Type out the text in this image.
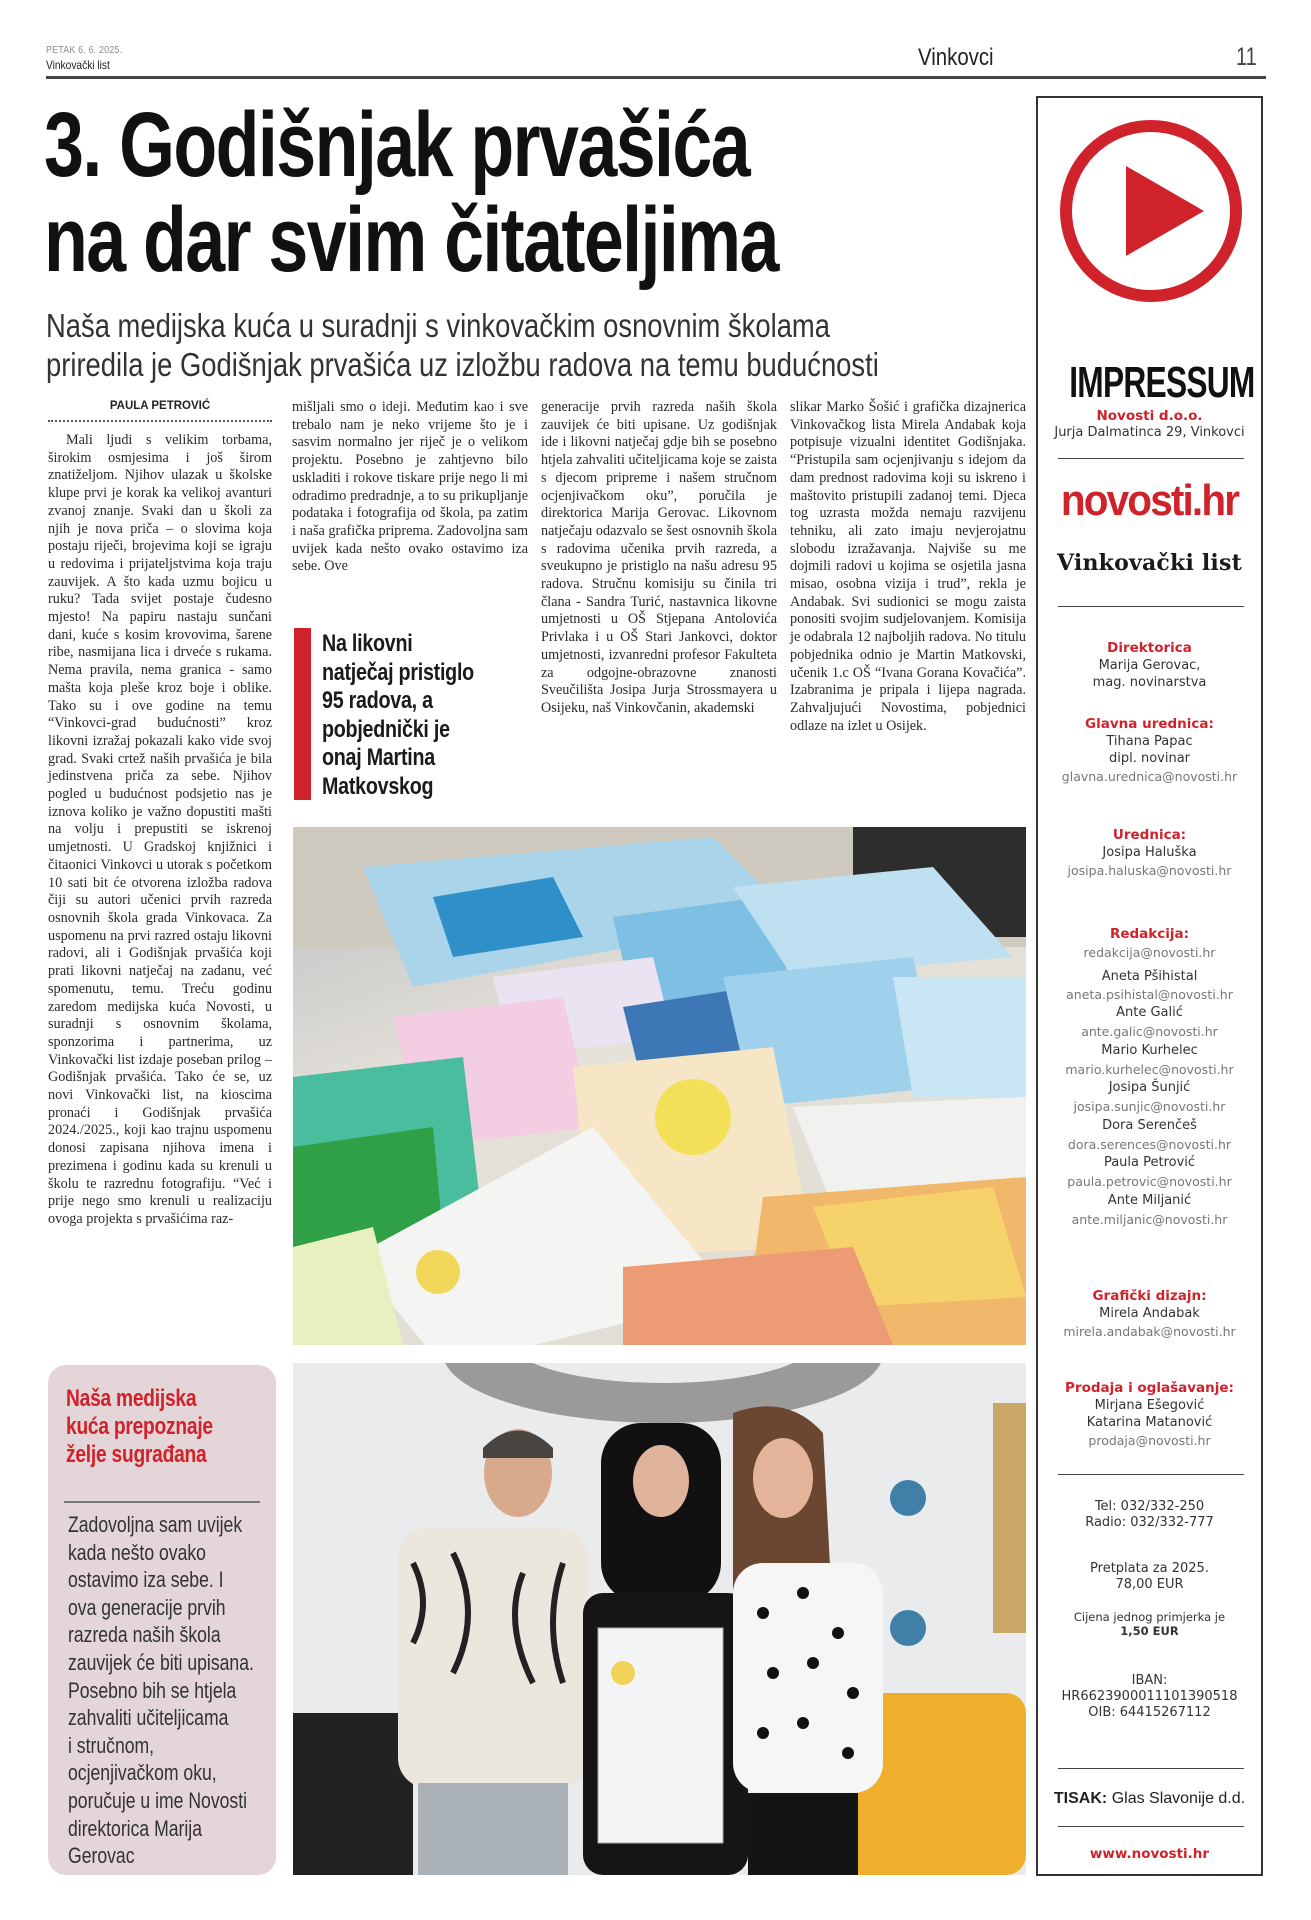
PETAK 6. 6. 2025.
Vinkovački list	Vinkovci	11
3. Godišnjak prvašića
na dar svim čitateljima
Naša medijska kuća u suradnji s vinkovačkim osnovnim školama
priredila je Godišnjak prvašića uz izložbu radova na temu budućnosti
PAULA PETROVIĆ

Mali ljudi s velikim torbama, širokim osmjesima i još širom znatiželjom. Njihov ulazak u školske klupe prvi je korak ka velikoj avanturi zvanoj znanje. Svaki dan u školi za njih je nova priča – o slovima koja postaju riječi, brojevima koji se igraju u redovima i prijateljstvima koja traju zauvijek. A što kada uzmu bojicu u ruku? Tada svijet postaje čudesno mjesto! Na papiru nastaju sunčani dani, kuće s kosim krovovima, šarene ribe, nasmijana lica i drveće s rukama. Nema pravila, nema granica - samo mašta koja pleše kroz boje i oblike. Tako su i ove godine na temu “Vinkovci-grad budućnosti” kroz likovni izražaj pokazali kako vide svoj grad. Svaki crtež naših prvašića je bila jedinstvena priča za sebe. Njihov pogled u budućnost podsjetio nas je iznova koliko je važno dopustiti mašti na volju i prepustiti se iskrenoj umjetnosti. U Gradskoj knjižnici i čitaonici Vinkovci u utorak s početkom 10 sati bit će otvorena izložba radova čiji su autori učenici prvih razreda osnovnih škola grada Vinkovaca. Za uspomenu na prvi razred ostaju likovni radovi, ali i Godišnjak prvašića koji prati likovni natječaj na zadanu, već spomenutu, temu. Treću godinu zaredom medijska kuća Novosti, u suradnji s osnovnim školama, sponzorima i partnerima, uz Vinkovački list izdaje poseban prilog – Godišnjak prvašića. Tako će se, uz novi Vinkovački list, na kioscima pronaći i Godišnjak prvašića 2024./2025., koji kao trajnu uspomenu donosi zapisana njihova imena i prezimena i godinu kada su krenuli u školu te razrednu fotografiju. “Već i prije nego smo krenuli u realizaciju ovoga projekta s prvašićima raz-

mišljali smo o ideji. Međutim kao i sve trebalo nam je neko vrijeme što je i sasvim normalno jer riječ je o velikom projektu. Posebno je zahtjevno bilo uskladiti i rokove tiskare prije nego li mi odradimo predradnje, a to su prikupljanje podataka i fotografija od škola, pa zatim i naša grafička priprema. Zadovoljna sam uvijek kada nešto ovako ostavimo iza sebe. Ove

generacije prvih razreda naših škola zauvijek će biti upisane. Uz godišnjak ide i likovni natječaj gdje bih se posebno htjela zahvaliti učiteljicama koje se zaista s djecom pripreme i našem stručnom ocjenjivačkom oku”, poručila je direktorica Marija Gerovac. Likovnom natječaju odazvalo se šest osnovnih škola s radovima učenika prvih razreda, a sveukupno je pristiglo na našu adresu 95 radova. Stručnu komisiju su činila tri člana - Sandra Turić, nastavnica likovne umjetnosti u OŠ Stjepana Antolovića Privlaka i u OŠ Stari Jankovci, doktor umjetnosti, izvanredni profesor Fakulteta za odgojne-obrazovne znanosti Sveučilišta Josipa Jurja Strossmayera u Osijeku, naš Vinkovčanin, akademski

slikar Marko Šošić i grafička dizajnerica Vinkovačkog lista Mirela Andabak koja potpisuje vizualni identitet Godišnjaka. “Pristupila sam ocjenjivanju s idejom da dam prednost radovima koji su iskreno i maštovito pristupili zadanoj temi. Djeca tog uzrasta možda nemaju razvijenu tehniku, ali zato imaju nevjerojatnu slobodu izražavanja. Najviše su me dojmili radovi u kojima se osjetila jasna misao, osobna vizija i trud”, rekla je Andabak. Svi sudionici se mogu zaista ponositi svojim sudjelovanjem. Komisija je odabrala 12 najboljih radova. No titulu pobjednika odnio je Martin Matkovski, učenik 1.c OŠ “Ivana Gorana Kovačića”. Izabranima je pripala i lijepa nagrada. Zahvaljujući Novostima, pobjednici odlaze na izlet u Osijek.

Na likovni
natječaj pristiglo
95 radova, a
pobjednički je
onaj Martina
Matkovskog
Naša medijska
kuća prepoznaje
želje sugrađana
Zadovoljna sam uvijek
kada nešto ovako
ostavimo iza sebe. I
ova generacije prvih
razreda naših škola
zauvijek će biti upisana.
Posebno bih se htjela
zahvaliti učiteljicama
i stručnom,
ocjenjivačkom oku,
poručuje u ime Novosti
direktorica Marija
Gerovac
IMPRESSUM
Novosti d.o.o.
Jurja Dalmatinca 29, Vinkovci
novosti.hr
Vinkovački list
Direktorica
Marija Gerovac,
mag. novinarstva
Glavna urednica:
Tihana Papac
dipl. novinar
glavna.urednica@novosti.hr
Urednica:
Josipa Haluška
josipa.haluska@novosti.hr
Redakcija:
redakcija@novosti.hr
Aneta Pšihistal
aneta.psihistal@novosti.hr
Ante Galić
ante.galic@novosti.hr
Mario Kurhelec
mario.kurhelec@novosti.hr
Josipa Šunjić
josipa.sunjic@novosti.hr
Dora Serenčeš
dora.serences@novosti.hr
Paula Petrović
paula.petrovic@novosti.hr
Ante Miljanić
ante.miljanic@novosti.hr
Grafički dizajn:
Mirela Andabak
mirela.andabak@novosti.hr
Prodaja i oglašavanje:
Mirjana Ešegović
Katarina Matanović
prodaja@novosti.hr
Tel: 032/332-250
Radio: 032/332-777
Pretplata za 2025.
78,00 EUR
Cijena jednog primjerka je
1,50 EUR
IBAN:
HR6623900011101390518
OIB: 64415267112
TISAK: Glas Slavonije d.d.
www.novosti.hr
